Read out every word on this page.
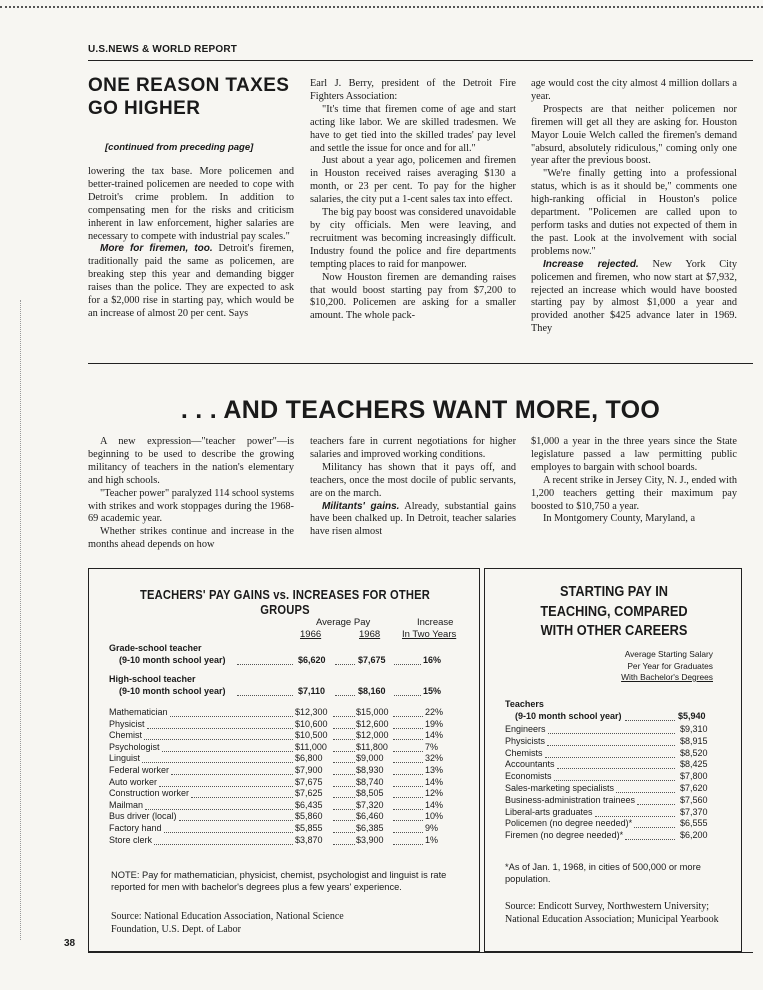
U.S.NEWS & WORLD REPORT
ONE REASON TAXES GO HIGHER
[continued from preceding page]

lowering the tax base. More policemen and better-trained policemen are needed to cope with Detroit's crime problem. In addition to compensating men for the risks and criticism inherent in law enforcement, higher salaries are necessary to compete with industrial pay scales."

More for firemen, too. Detroit's firemen, traditionally paid the same as policemen, are breaking step this year and demanding bigger raises than the police. They are expected to ask for a $2,000 rise in starting pay, which would be an increase of almost 20 per cent. Says

Earl J. Berry, president of the Detroit Fire Fighters Association:

"It's time that firemen come of age and start acting like labor. We are skilled tradesmen. We have to get tied into the skilled trades' pay level and settle the issue for once and for all."

Just about a year ago, policemen and firemen in Houston received raises averaging $130 a month, or 23 per cent. To pay for the higher salaries, the city put a 1-cent sales tax into effect.

The big pay boost was considered unavoidable by city officials. Men were leaving, and recruitment was becoming increasingly difficult. Industry found the police and fire departments tempting places to raid for manpower.

Now Houston firemen are demanding raises that would boost starting pay from $7,200 to $10,200. Policemen are asking for a smaller amount. The whole pack-

age would cost the city almost 4 million dollars a year.

Prospects are that neither policemen nor firemen will get all they are asking for. Houston Mayor Louie Welch called the firemen's demand "absurd, absolutely ridiculous," coming only one year after the previous boost.

"We're finally getting into a professional status, which is as it should be," comments one high-ranking official in Houston's police department. "Policemen are called upon to perform tasks and duties not expected of them in the past. Look at the involvement with social problems now."

Increase rejected. New York City policemen and firemen, who now start at $7,932, rejected an increase which would have boosted starting pay by almost $1,000 a year and provided another $425 advance later in 1969. They

. . . AND TEACHERS WANT MORE, TOO

A new expression—"teacher power"—is beginning to be used to describe the growing militancy of teachers in the nation's elementary and high schools.

"Teacher power" paralyzed 114 school systems with strikes and work stoppages during the 1968-69 academic year.

Whether strikes continue and increase in the months ahead depends on how

teachers fare in current negotiations for higher salaries and improved working conditions.

Militancy has shown that it pays off, and teachers, once the most docile of public servants, are on the march.

Militants' gains. Already, substantial gains have been chalked up. In Detroit, teacher salaries have risen almost

$1,000 a year in the three years since the State legislature passed a law permitting public employes to bargain with school boards.

A recent strike in Jersey City, N. J., ended with 1,200 teachers getting their maximum pay boosted to $10,750 a year.

In Montgomery County, Maryland, a

TEACHERS' PAY GAINS vs. INCREASES FOR OTHER GROUPS
Average Pay	Increase
1966	1968 In Two Years
Grade-school teacher
(9-10 month school year)	$6,620	$7,675	16%
High-school teacher
(9-10 month school year)	$7,110	$8,160	15%
Mathematician	$12,300	$15,000	22%
Physicist	$10,600	$12,600	19%
Chemist	$10,500	$12,000	14%
Psychologist	$11,000	$11,800	7%
Linguist	$6,800	$9,000	32%
Federal worker	$7,900	$8,930	13%
Auto worker	$7,675	$8,740	14%
Construction worker	$7,625	$8,505	12%
Mailman	$6,435	$7,320	14%
Bus driver (local)	$5,860	$6,460	10%
Factory hand	$5,855	$6,385	9%
Store clerk	$3,870	$3,900	1%
NOTE: Pay for mathematician, physicist, chemist, psychologist and linguist is rate reported for men with bachelor's degrees plus a few years' experience.
Source: National Education Association, National Science Foundation, U.S. Dept. of Labor
STARTING PAY IN
TEACHING, COMPARED
WITH OTHER CAREERS
Average Starting Salary
Per Year for Graduates
With Bachelor's Degrees
Teachers
(9-10 month school year)	$5,940
Engineers	$9,310
Physicists	$8,915
Chemists	$8,520
Accountants	$8,425
Economists	$7,800
Sales-marketing specialists	$7,620
Business-administration trainees	$7,560
Liberal-arts graduates	$7,370
Policemen (no degree needed)*	$6,555
Firemen (no degree needed)*	$6,200
*As of Jan. 1, 1968, in cities of 500,000 or more population.
Source: Endicott Survey, Northwestern University; National Education Association; Municipal Yearbook
38
